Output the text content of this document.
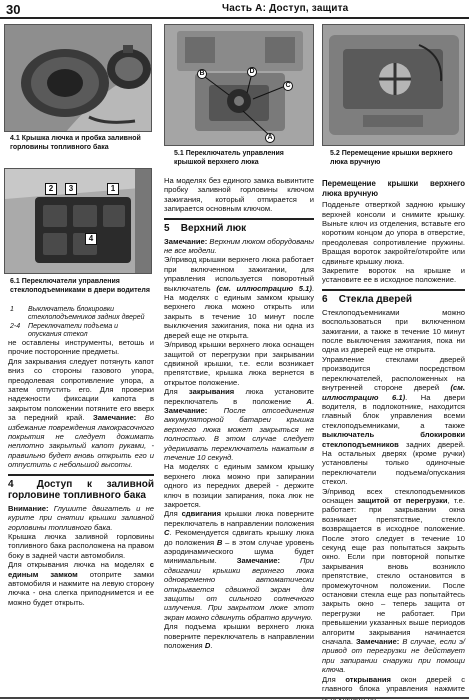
30	Часть А: Доступ, защита
4.1 Крышка лючка и пробка заливной горловины топливного бака
B	D
C
A
5.1 Переключатель управления крышкой верхнего люка
5.2 Перемещение крышки верхнего люка вручную
2	3	1
4
6.1 Переключатели управления стеклоподъемниками в двери водителя
1	Выключатель блокировки стеклоподъемников задних дверей
2-4	Переключатели подъема и опускания стекол

не оставлены инструменты, ветошь и прочие посторонние предметы.

Для закрывания следует потянуть капот вниз со стороны газового упора, преодолевая сопротивление упора, а затем отпустить его. Для проверки надежности фиксации капота в закрытом положении потяните его вверх за передний край. Замечание: Во избежание повреждения лакокрасочного покрытия не следует дожимать неплотно закрытый капот руками, - правильно будет вновь открыть его и отпустить с небольшой высоты.

4 Доступ к заливной горловине топливного бака

Внимание: Глушите двигатель и не курите при снятии крышки заливной горловины топливного бака.

Крышка лючка заливной горловины топливного бака расположена на правом боку в задней части автомобиля.

Для открывания лючка на моделях с единым замком отоприте замки автомобиля и нажмите на левую сторону лючка - она слегка приподнимется и ее можно будет открыть.

На моделях без единого замка вывинтите пробку заливной горловины ключом зажигания, который отпирается и запирается основным ключом.

5 Верхний люк

Замечание: Верхним люком оборудованы не все модели.

Э/привод крышки верхнего люка работает при включенном зажигании, для управления используется поворотный выключатель (см. иллюстрацию 5.1). На моделях с единым замком крышку верхнего люка можно открыть или закрыть в течение 10 минут после выключения зажигания, пока ни одна из дверей еще не открыта.

Э/привод крышки верхнего люка оснащен защитой от перегрузки при закрывании сдвижной крышки, т.е. если возникает препятствие, крышка люка вернется в открытое положение.

Для закрывания люка установите переключатель в положение А. Замечание: После отсоединения аккумуляторной батареи крышка верхнего люка может закрыться не полностью. В этом случае следует удерживать переключатель нажатым в течение 10 секунд.

На моделях с единым замком крышку верхнего люка можно при запирании одного из передних дверей - держите ключ в позиции запирания, пока люк не закроется.

Для сдвигания крышки люка поверните переключатель в направлении положения С. Рекомендуется сдвигать крышку люка до положения B – в этом случае уровень аэродинамического шума будет минимальным.	Замечание:	При сдвигании крышки верхнего люка одновременно автоматически открывается сдвижной экран для защиты от сильного солнечного излучения. При закрытом люке этот экран можно сдвинуть обратно вручную.

Для подъема крышки верхнего люка поверните переключатель в направлении положения D.

Перемещение крышки верхнего люка вручную

Подденьте отверткой заднюю крышку верхней консоли и снимите крышку. Выньте ключ из отделения, вставьте его коротким концом до упора в отверстие, преодолевая сопротивление пружины. Вращая вороток закройте/откройте или сдвиньте крышку люка.

Закрепите вороток на крышке и установите ее в исходное положение.

6 Стекла дверей

Стеклоподъемниками можно воспользоваться при включенном зажигании, а также в течение 10 минут после выключения зажигания, пока ни одна из дверей еще не открыта.

Управление стеклами дверей производится посредством переключателей, расположенных на внутренней стороне дверей (см. иллюстрацию 6.1). На двери водителя, в подлокотнике, находится главный блок управления всеми стеклоподъемниками, а также выключатель блокировки стеклоподъемников задних дверей. На остальных дверях (кроме ручки) установлены только одиночные переключатели подъема/опускания стекол.

Э/привод всех стеклоподъемников оснащен защитой от перегрузки, т.е. работает: при закрывании окна возникает препятствие, стекло возвращается в исходное положение. После этого следует в течение 10 секунд еще раз попытаться закрыть окно. Если при повторной попытке закрывания вновь возникло препятствие, стекло остановится в промежуточном положении. После остановки стекла еще раз попытайтесь закрыть окно – теперь защита от перегрузки не работает. При превышении указанных выше периодов алгоритм закрывания начинается сначала. Замечание: В случае, если э/привод от перегрузки не действует при запирании снаружи при помощи ключа.

Для открывания окон дверей с главного блока управления нажмите
